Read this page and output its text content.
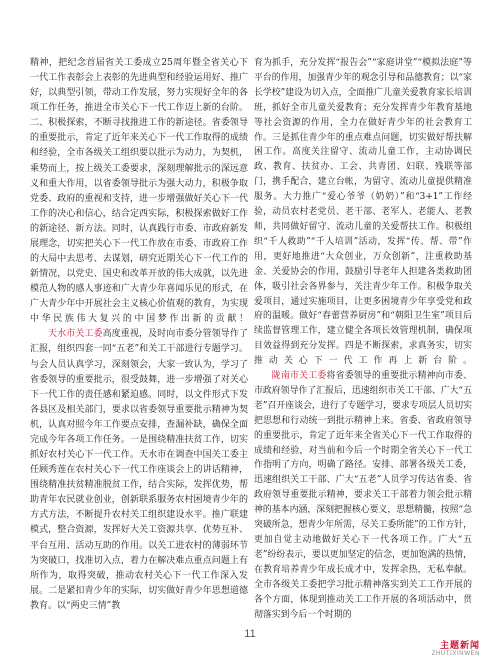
精神，把纪念首届省关工委成立25周年暨全省关心下一代工作表彰会上表彰的先进典型和经验运用好、推广好，以典型引领，带动工作发展，努力实现好全年的各项工作任务，推进全市关心下一代工作迈上新的台阶。二、积极探索，不断寻找推进工作的新途径。省委领导的重要批示，肯定了近年来关心下一代工作取得的成绩和经验，全市各级关工组织要以批示为动力，为契机，乘势而上，按上级关工委要求，深刻理解批示的深远意义和重大作用，以省委领导批示为强大动力，积极争取党委、政府的重视和支持，进一步增强做好关心下一代工作的决心和信心，结合定西实际，积极探索做好工作的新途径、新方法。同时，认真践行市委、市政府新发展理念，切实把关心下一代工作放在市委、市政府工作的大局中去思考、去谋划，研究近期关心下一代工作的新情况，以党史、国史和改革开放的伟大成就，以先进模范人物的感人事迹和广大青少年喜闻乐见的形式，在广大青少年中开展社会主义核心价值观的教育，为实现中华民族伟大复兴的中国梦作出新的贡献！

天水市关工委高度重视，及时向市委分管领导作了汇报，组织四套一同“五老”和关工干部进行专题学习。与会人员认真学习，深刻领会，大家一致认为，学习了省委领导的重要批示，很受鼓舞，进一步增强了对关心下一代工作的责任感和紧迫感。同时，以文件形式下发各县区及相关部门，要求以省委领导重要批示精神为契机，认真对照今年工作要点安排，查漏补缺，确保全面完成今年各项工作任务。一是围绕精准扶贫工作，切实抓好农村关心下一代工作。天水市在调查中国关工委主任顾秀莲在农村关心下一代工作座谈会上的讲话精神，围绕精准扶贫精准脱贫工作，结合实际，发挥优势，帮助青年农民就业创业，创新联系服务农村困境青少年的方式方法，不断提升农村关工组织建设水平。推广联建模式，整合资源，发挥好大关工资源共享、优势互补、平台互用、活动互助的作用。以关工进农村的薄弱环节为突破口，找准切入点，着力在解决难点重点问题上有所作为，取得突破，推动农村关心下一代工作深入发展。二是紧扣青少年的实际，切实做好青少年思想道德教育。以“两史三情”教

育为抓手，充分发挥“报告会”“家庭讲堂”“模拟法庭”等平台的作用，加强青少年的观念引导和品德教育；以“家长学校”建设为切入点，全面推广儿童关爱教育家长培训班，抓好全市儿童关爱教育；充分发挥青少年教育基地等社会资源的作用，全力在做好青少年的社会教育工作。三是抓住青少年的重点难点问题，切实做好帮扶解困工作。高度关注留守、流动儿童工作，主动协调民政、教育、扶贫办、工会、共青团、妇联、残联等部门，携手配合，建立台帐，为留守、流动儿童提供精准服务。大力推广“爱心爷爷（奶奶）”和“3+1”工作经验，动员农村老党员、老干部、老军人、老能人、老教师，共同做好留守、流动儿童的关爱帮扶工作。积极组织“千人救助”“千人培训”活动，发挥“传、帮、带”作用，更好地推进“大众创业，万众创新”，注重救助基金、关爱协会的作用，鼓励引导老年人担建各类救助团体，吸引社会各界参与，关注青少年工作。积极争取关爱项目，通过实施项目，让更多困境青少年享受党和政府的温暖。做好“春蕾营养厨房”和“朝阳卫生室”项目后续监督管理工作，建立健全各项长效管理机制，确保项目效益得到充分发挥。四是不断探索，求真务实，切实推动关心下一代工作再上新台阶。

陇南市关工委将省委领导的重要批示精神向市委、市政府领导作了汇报后，迅速组织市关工干部、广大“五老”召开座谈会，进行了专题学习，要求专项层人员切实把思想和行动统一到批示精神上来。省委、省政府领导的重要批示，肯定了近年来全省关心下一代工作取得的成绩和经验，对当前和今后一个时期全省关心下一代工作指明了方向，明确了路径。安排、部署各级关工委，迅速组织关工干部、广大“五老”人员学习传达省委、省政府领导重要批示精神，要求关工干部着力领会批示精神的基本内涵，深刻把握核心要义，思想精髓，按照“急突破所急，想青少年所需，尽关工委所能”的工作方针，更加自觉主动地做好关心下一代各项工作。广大“五老”纷纷表示，要以更加坚定的信念，更加饱满的热情，在教育培养青少年成长成才中，发挥余热，无私奉献。全市各级关工委把学习批示精神落实到关工工作开展的各个方面，体现到推动关工工作开展的各项活动中，贯彻落实到今后一个时期的

11
主题新闻
ZHUTIXINWEN
